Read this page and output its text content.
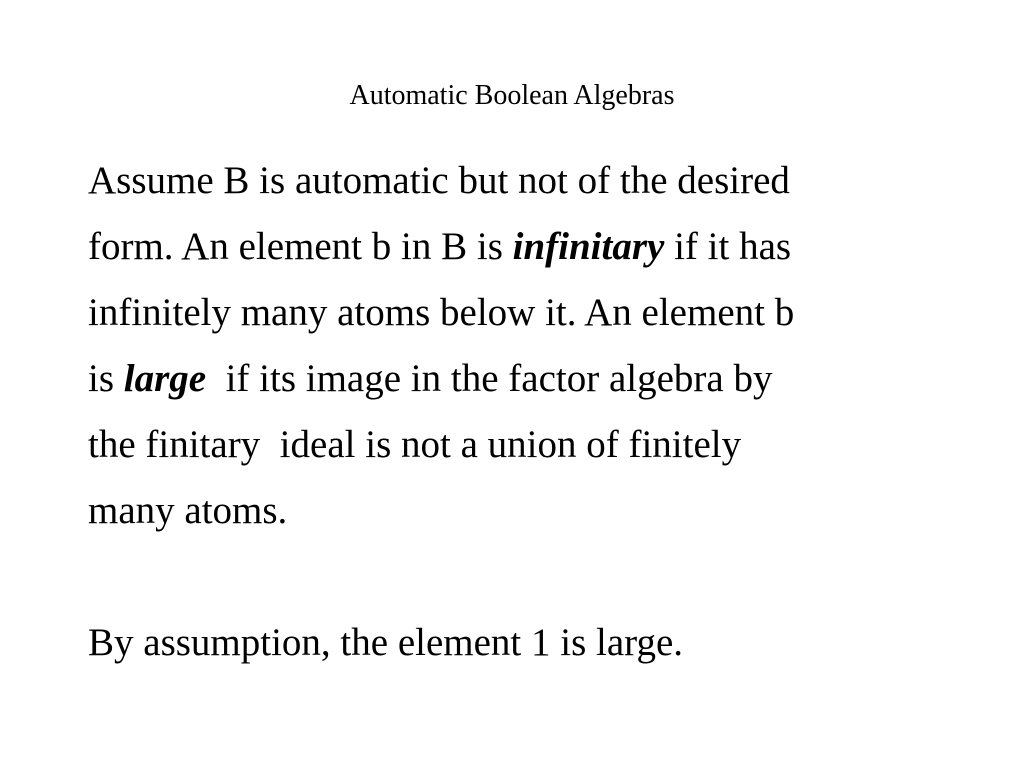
Automatic Boolean Algebras
Assume B is automatic but not of the desired
form. An element b in B is infinitary if it has
infinitely many atoms below it. An element b
is large  if its image in the factor algebra by
the finitary  ideal is not a union of finitely
many atoms.
By assumption, the element 1 is large.
